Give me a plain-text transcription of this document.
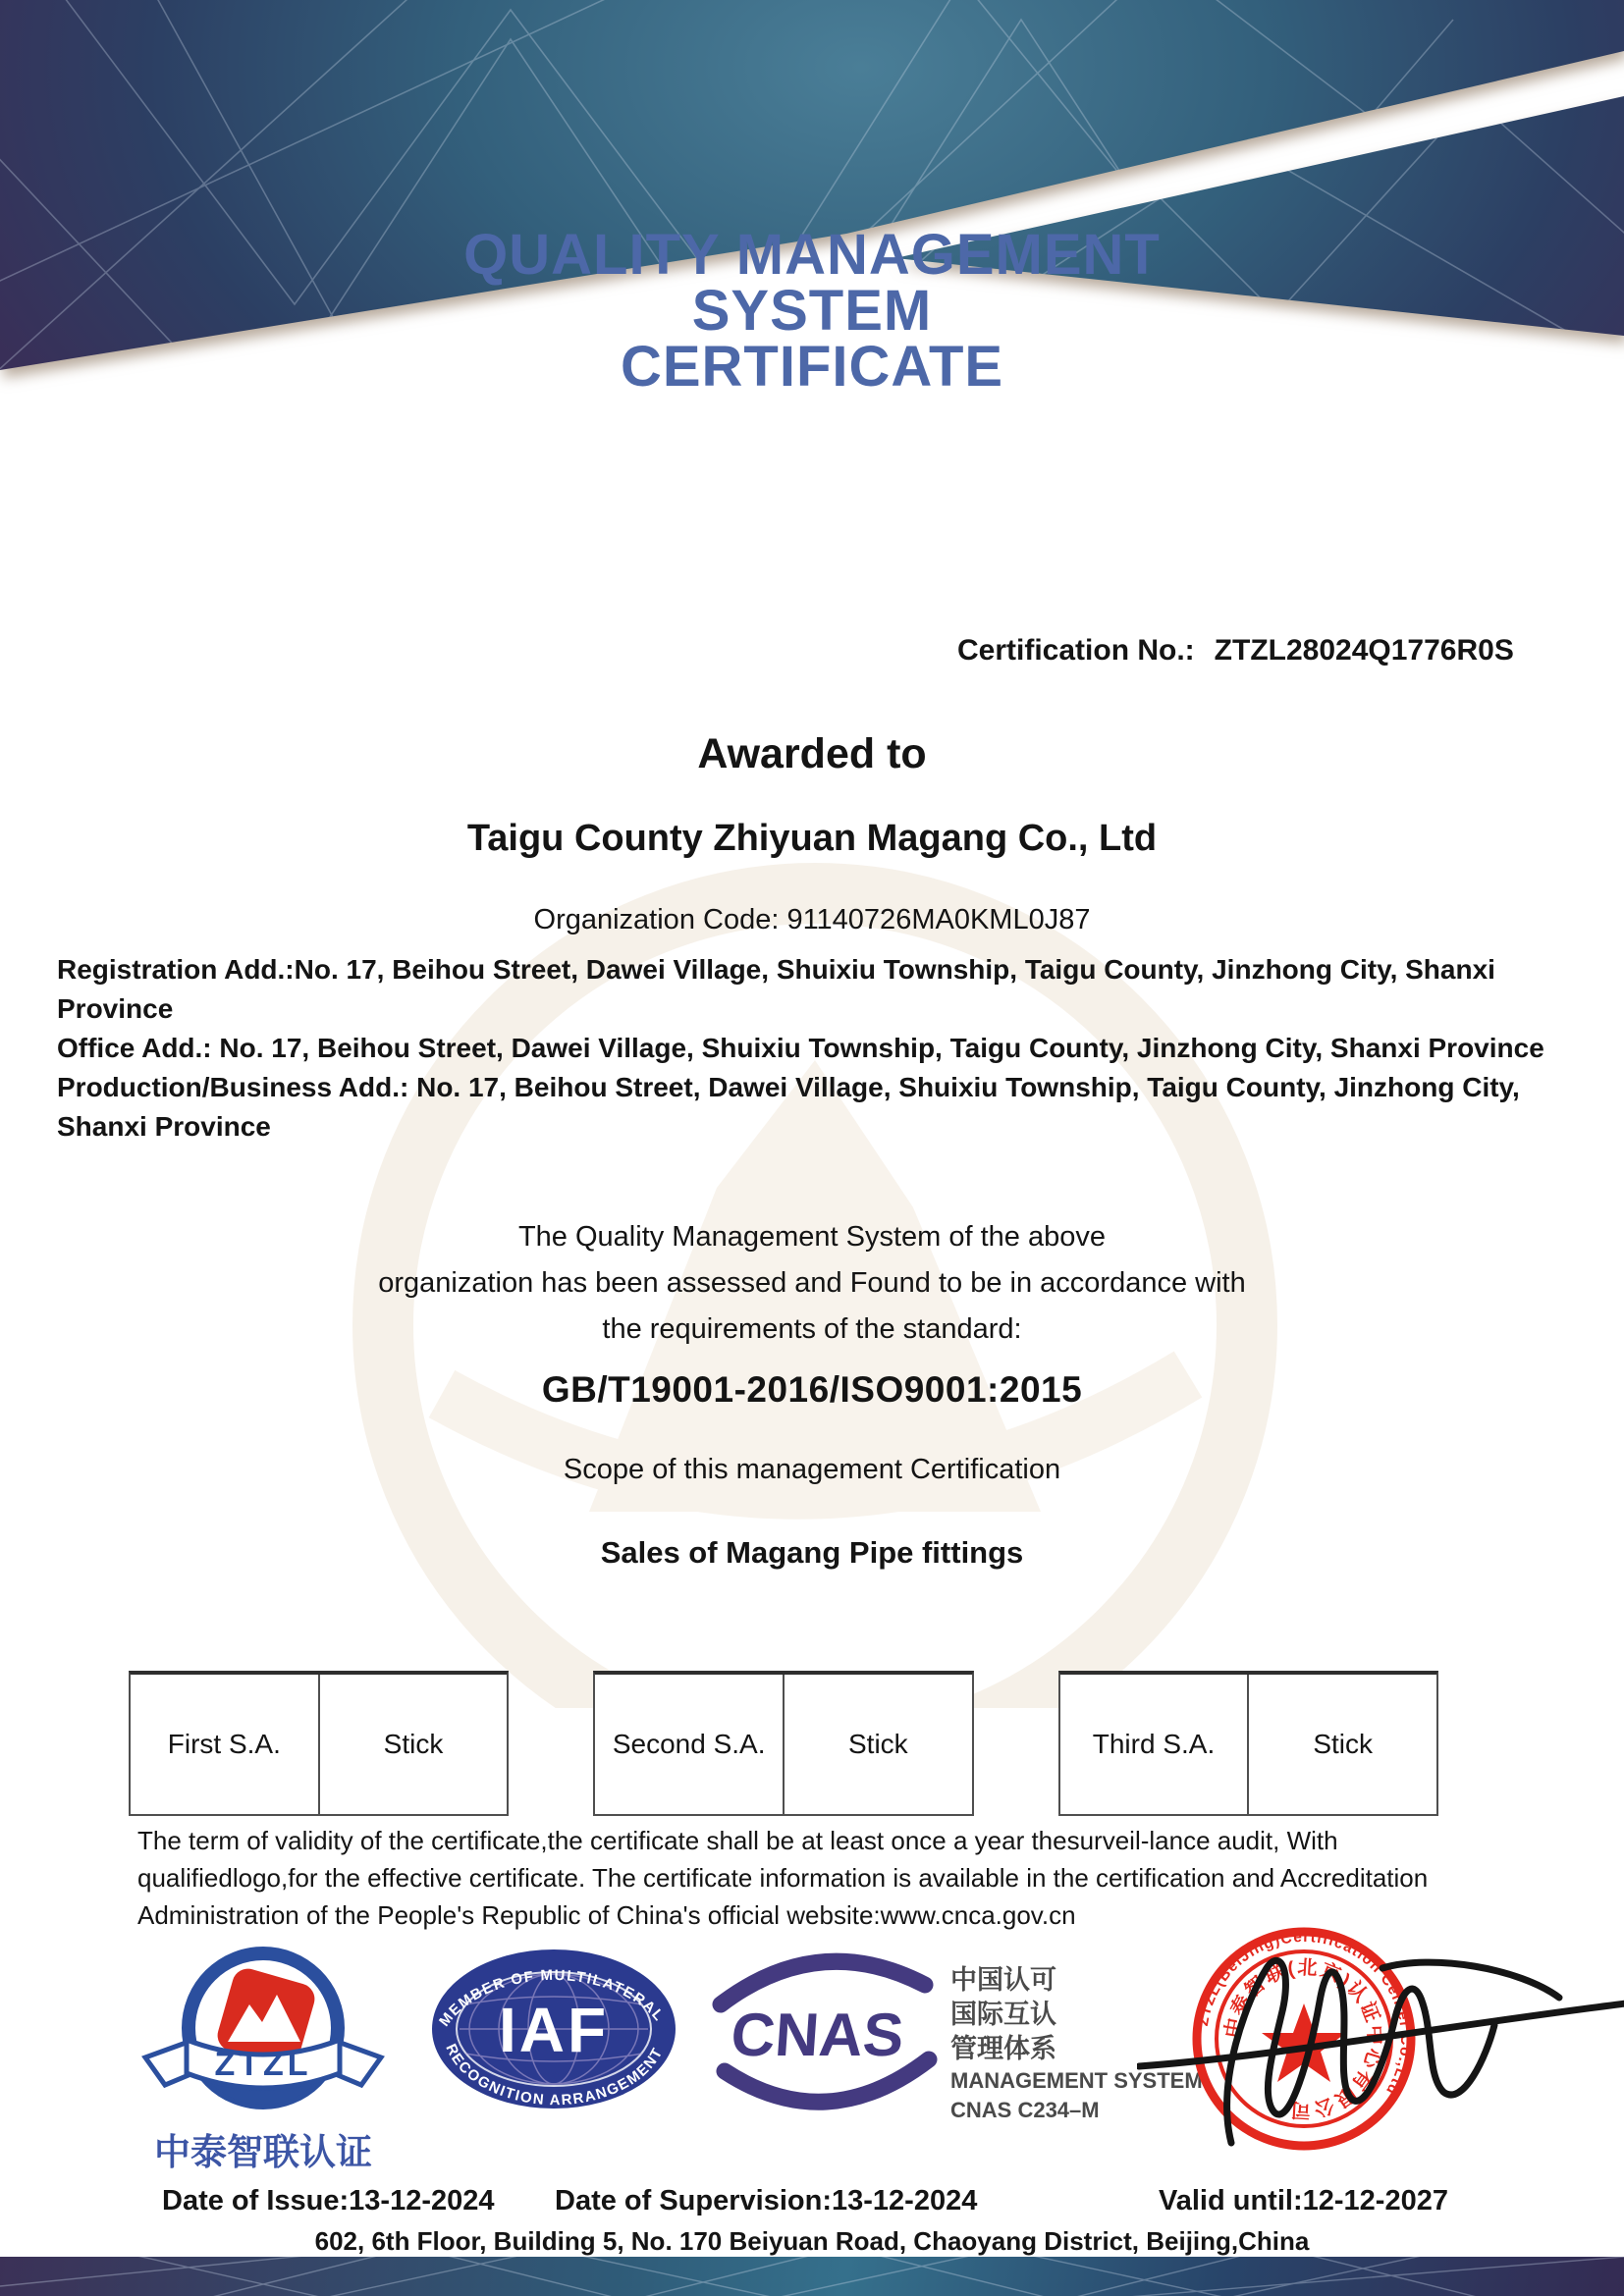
QUALITY MANAGEMENT
SYSTEM
CERTIFICATE
Certification No.: ZTZL28024Q1776R0S
Awarded to
Taigu County Zhiyuan Magang Co., Ltd
Organization Code: 91140726MA0KML0J87
Registration Add.:No. 17, Beihou Street, Dawei Village, Shuixiu Township, Taigu County, Jinzhong City, Shanxi Province
Office Add.: No. 17, Beihou Street, Dawei Village, Shuixiu Township, Taigu County, Jinzhong City, Shanxi Province
Production/Business Add.: No. 17, Beihou Street, Dawei Village, Shuixiu Township, Taigu County, Jinzhong City, Shanxi Province
The Quality Management System of the above
organization has been assessed and Found to be in accordance with
the requirements of the standard:
GB/T19001-2016/ISO9001:2015
Scope of this management Certification
Sales of Magang Pipe fittings
First S.A.	Stick	Second S.A.	Stick	Third S.A.	Stick
The term of validity of the certificate,the certificate shall be at least once a year thesurveil-lance audit, With qualifiedlogo,for the effective certificate. The certificate information is available in the certification and Accreditation Administration of the People's Republic of China's official website:www.cnca.gov.cn
ZTZL
中泰智联认证
IAF
MEMBER OF MULTILATERAL
RECOGNITION ARRANGEMENT CNAS
中国认可
国际互认
管理体系
MANAGEMENT SYSTEM
CNAS C234–M
ZTZL(BeiJing)Certification Center Co.,Ltd
中泰智联(北京)认证中心有限公司
Date of Issue:13-12-2024 Date of Supervision:13-12-2024	Valid until:12-12-2027
602, 6th Floor, Building 5, No. 170 Beiyuan Road, Chaoyang District, Beijing,China
